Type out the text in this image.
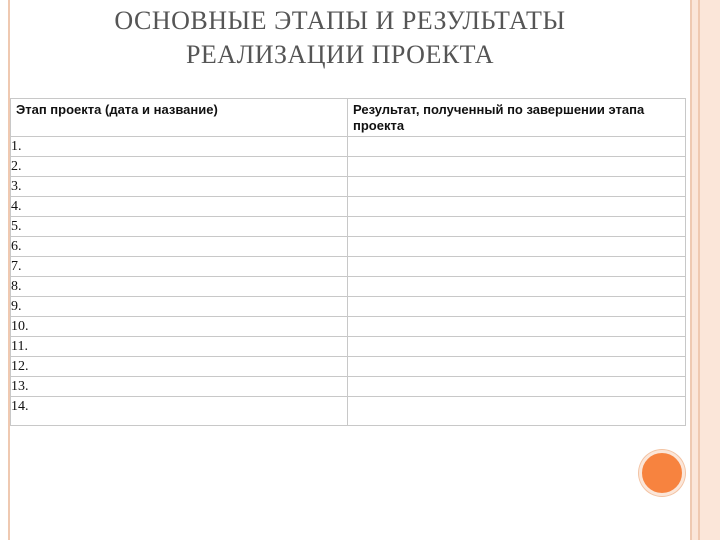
ОСНОВНЫЕ ЭТАПЫ И РЕЗУЛЬТАТЫ
РЕАЛИЗАЦИИ ПРОЕКТА
Этап проекта (дата и название)	Результат, полученный по завершении этапа проекта
1.	
2.	
3.	
4.	
5.	
6.	
7.	
8.	
9.	
10.	
11.	
12.	
13.	
14.	
